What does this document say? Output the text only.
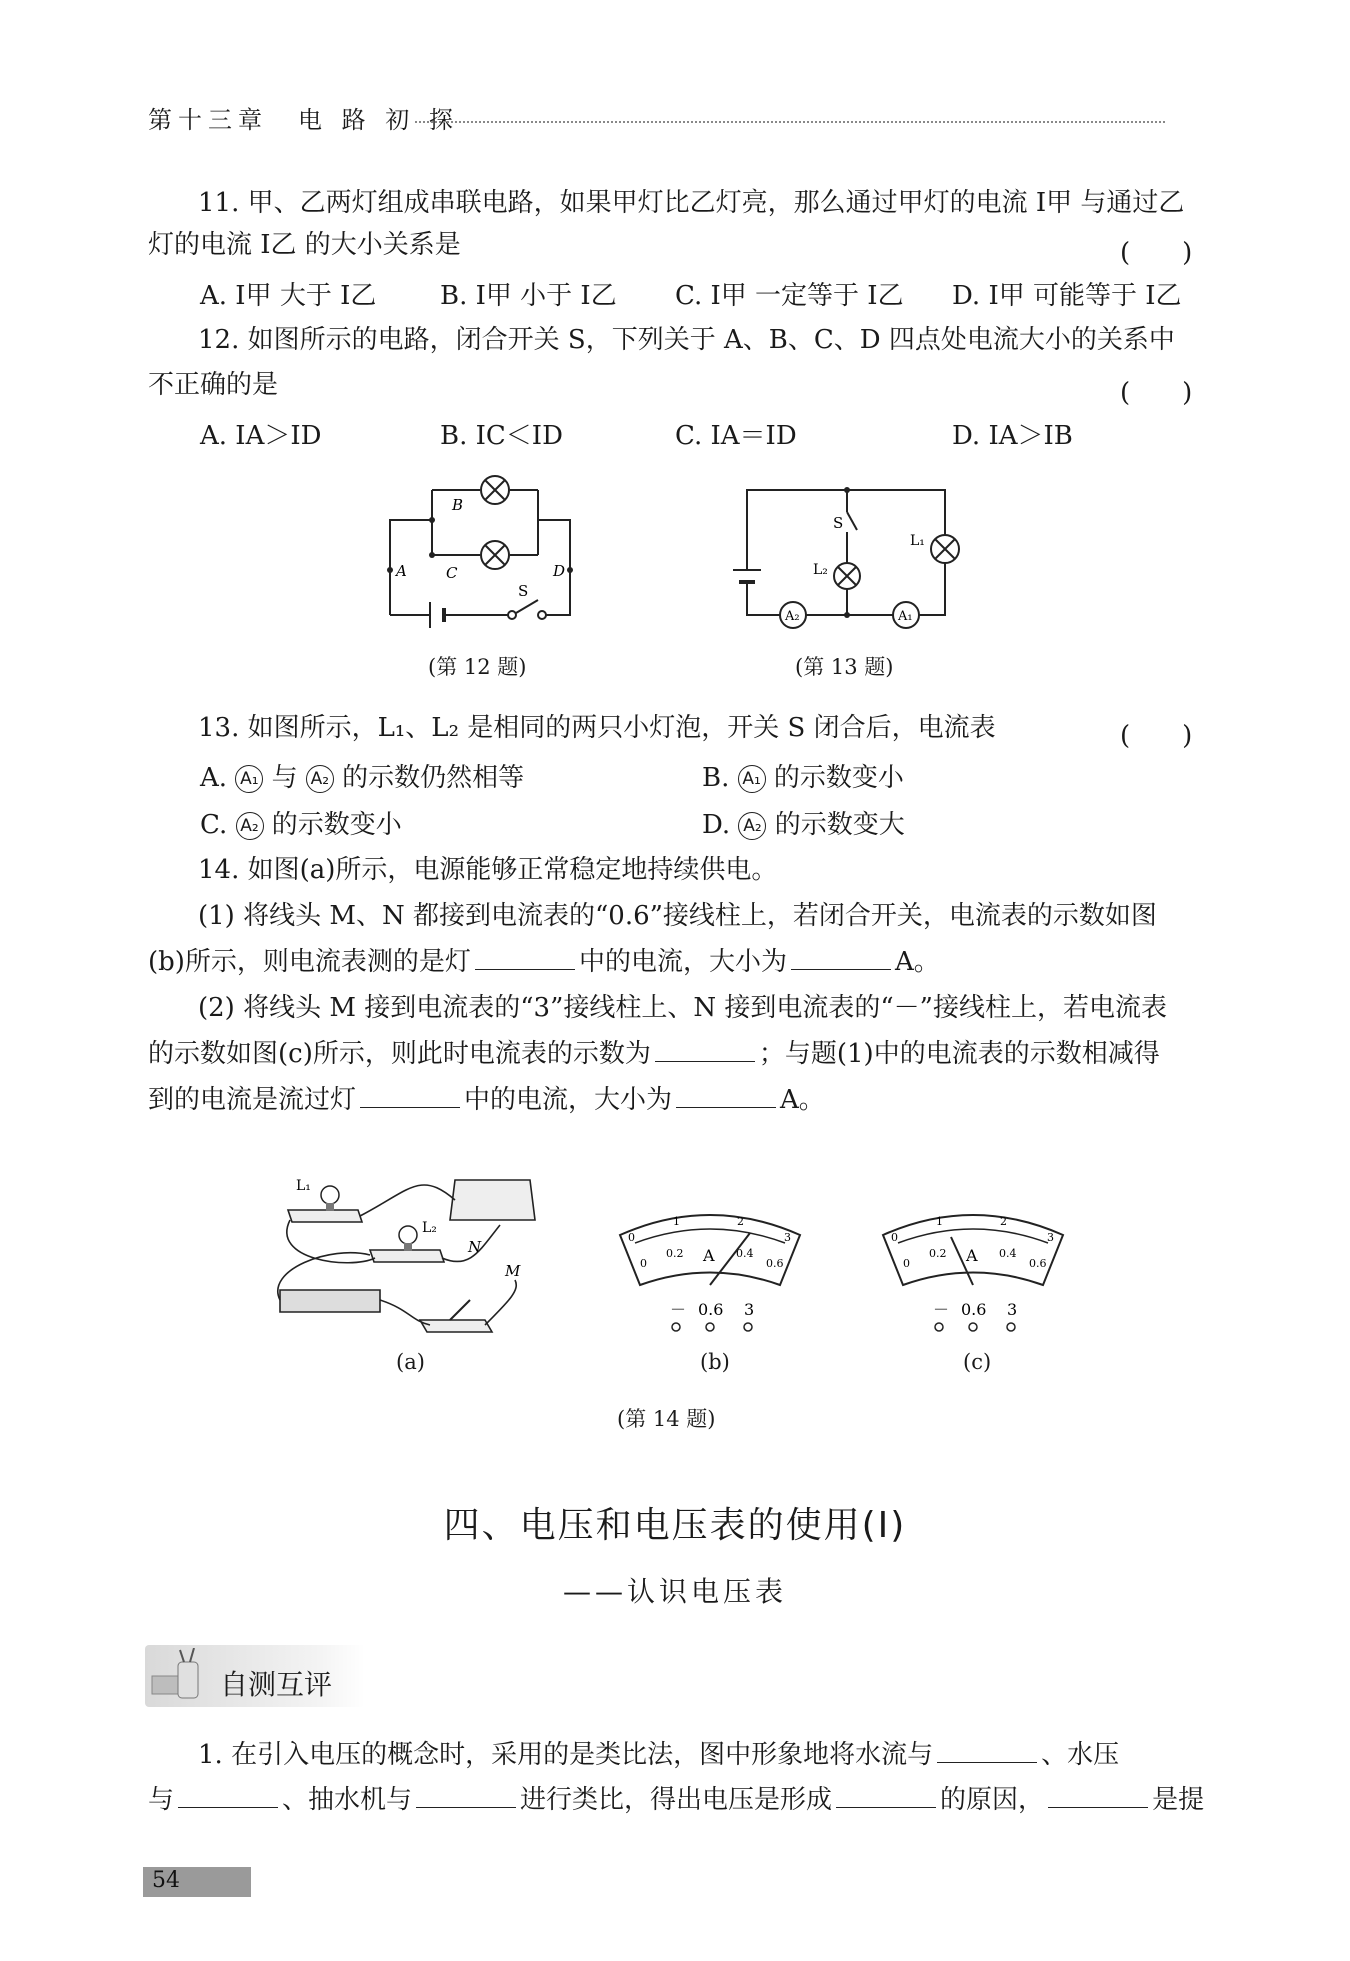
第十三章　电 路 初 探
11. 甲、乙两灯组成串联电路，如果甲灯比乙灯亮，那么通过甲灯的电流 I甲 与通过乙
灯的电流 I乙 的大小关系是	(　　)
A. I甲 大于 I乙 B. I甲 小于 I乙 C. I甲 一定等于 I乙 D. I甲 可能等于 I乙
12. 如图所示的电路，闭合开关 S，下列关于 A、B、C、D 四点处电流大小的关系中
不正确的是	(　　)
A. IA＞ID	B. IC＜ID	C. IA＝ID	D. IA＞IB
A
B
C	D
S
(第 12 题)
A₂	A₁
S
L₂
L₁
(第 13 题)
13. 如图所示，L₁、L₂ 是相同的两只小灯泡，开关 S 闭合后，电流表	(　　)
A. A₁ 与 A₂ 的示数仍然相等	B. A₁ 的示数变小
C. A₂ 的示数变小	D. A₂ 的示数变大
14. 如图(a)所示，电源能够正常稳定地持续供电。
(1) 将线头 M、N 都接到电流表的“0.6”接线柱上，若闭合开关，电流表的示数如图
(b)所示，则电流表测的是灯	中的电流，大小为	A。
(2) 将线头 M 接到电流表的“3”接线柱上、N 接到电流表的“－”接线柱上，若电流表
的示数如图(c)所示，则此时电流表的示数为	；与题(1)中的电流表的示数相减得
到的电流是流过灯	中的电流，大小为	A。
L₁
L₂
N
M
0
1	2
3
0
0.2	0.4
0.6
A
－ 0.6 3
0
1	2
3
0
0.2	0.4
0.6
A
－ 0.6 3
(a)	(b)	(c)
(第 14 题)
四、电压和电压表的使用(Ⅰ)
——认识电压表
自测互评
1. 在引入电压的概念时，采用的是类比法，图中形象地将水流与	、水压
与	、抽水机与	进行类比，得出电压是形成	的原因，	是提
54
